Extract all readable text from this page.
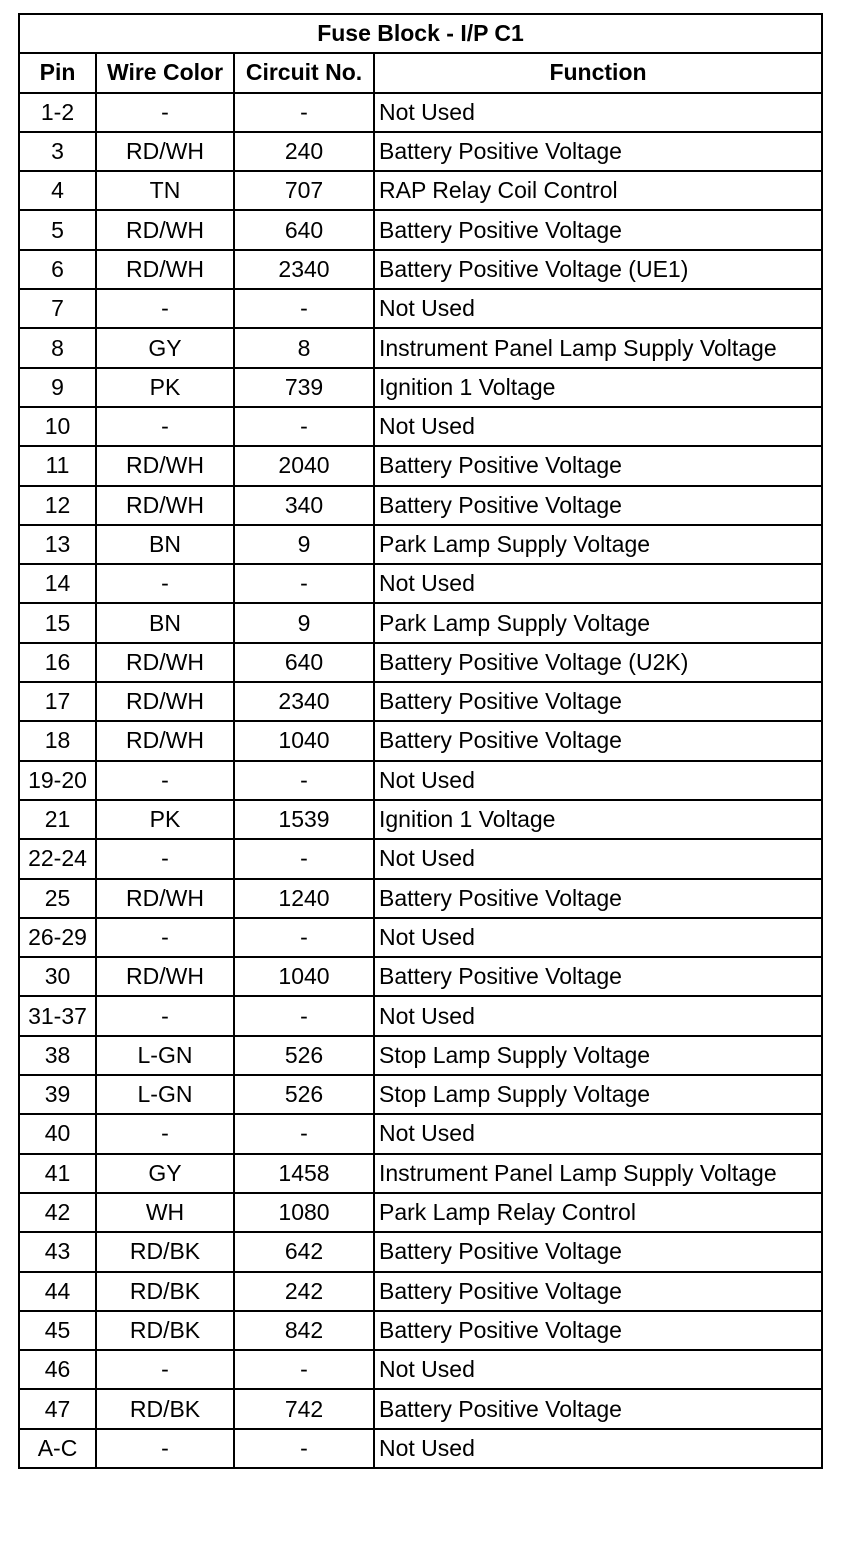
Fuse Block - I/P C1			
Pin	Wire Color	Circuit No.	Function
1-2	-	-	Not Used
3	RD/WH	240	Battery Positive Voltage
4	TN	707	RAP Relay Coil Control
5	RD/WH	640	Battery Positive Voltage
6	RD/WH	2340	Battery Positive Voltage (UE1)
7	-	-	Not Used
8	GY	8	Instrument Panel Lamp Supply Voltage
9	PK	739	Ignition 1 Voltage
10	-	-	Not Used
11	RD/WH	2040	Battery Positive Voltage
12	RD/WH	340	Battery Positive Voltage
13	BN	9	Park Lamp Supply Voltage
14	-	-	Not Used
15	BN	9	Park Lamp Supply Voltage
16	RD/WH	640	Battery Positive Voltage (U2K)
17	RD/WH	2340	Battery Positive Voltage
18	RD/WH	1040	Battery Positive Voltage
19-20	-	-	Not Used
21	PK	1539	Ignition 1 Voltage
22-24	-	-	Not Used
25	RD/WH	1240	Battery Positive Voltage
26-29	-	-	Not Used
30	RD/WH	1040	Battery Positive Voltage
31-37	-	-	Not Used
38	L-GN	526	Stop Lamp Supply Voltage
39	L-GN	526	Stop Lamp Supply Voltage
40	-	-	Not Used
41	GY	1458	Instrument Panel Lamp Supply Voltage
42	WH	1080	Park Lamp Relay Control
43	RD/BK	642	Battery Positive Voltage
44	RD/BK	242	Battery Positive Voltage
45	RD/BK	842	Battery Positive Voltage
46	-	-	Not Used
47	RD/BK	742	Battery Positive Voltage
A-C	-	-	Not Used
